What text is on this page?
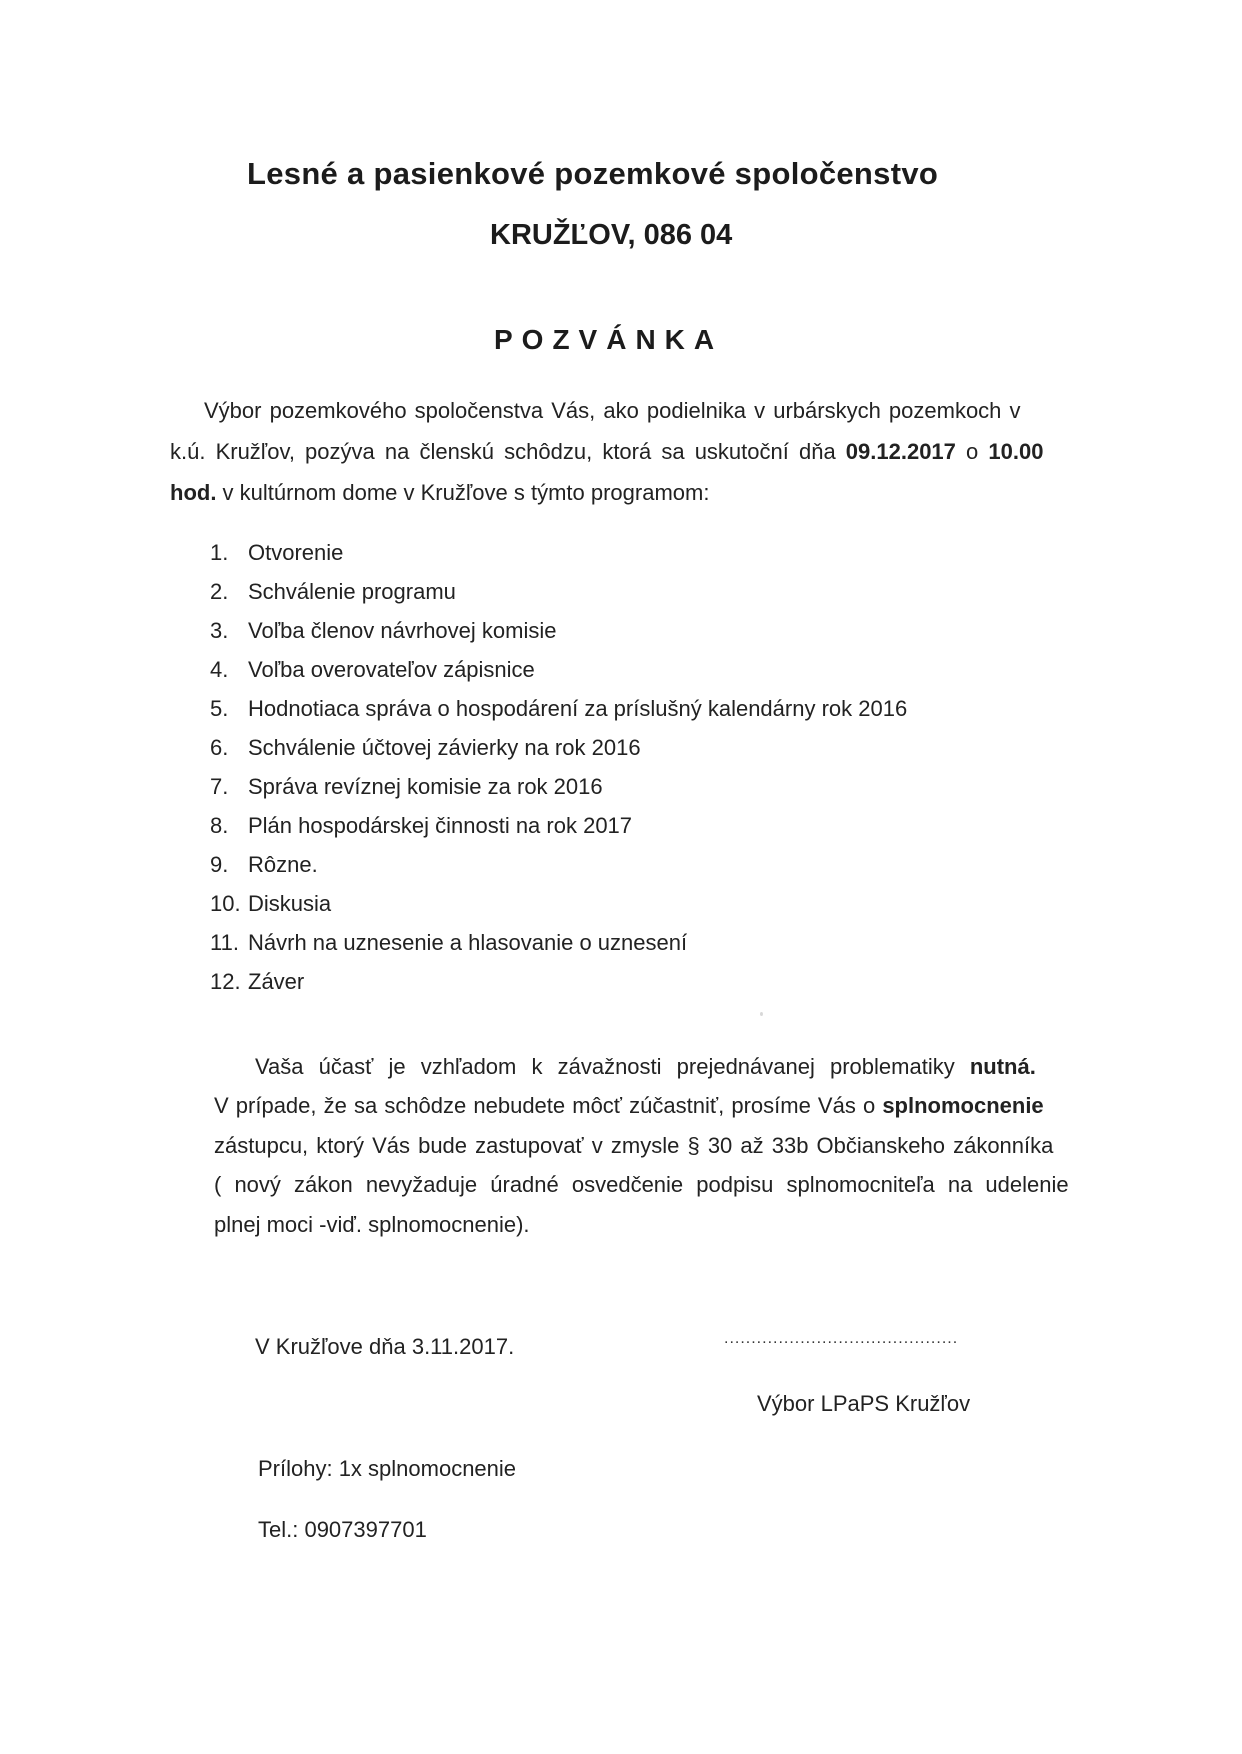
Lesné a pasienkové pozemkové spoločenstvo
KRUŽĽOV, 086 04
POZVÁNKA
Výbor pozemkového spoločenstva Vás, ako podielnika v urbárskych pozemkoch v
k.ú. Kružľov, pozýva na členskú schôdzu, ktorá sa uskutoční dňa 09.12.2017 o 10.00
hod. v kultúrnom dome v Kružľove s týmto programom:
1. Otvorenie
2. Schválenie programu
3. Voľba členov návrhovej komisie
4. Voľba overovateľov zápisnice
5. Hodnotiaca správa o hospodárení za príslušný kalendárny rok 2016
6. Schválenie účtovej závierky na rok 2016
7. Správa revíznej komisie za rok 2016
8. Plán hospodárskej činnosti na rok 2017
9. Rôzne.
10. Diskusia
11. Návrh na uznesenie a hlasovanie o uznesení
12. Záver
Vaša účasť je vzhľadom k závažnosti prejednávanej problematiky nutná.
V prípade, že sa schôdze nebudete môcť zúčastniť, prosíme Vás o splnomocnenie
zástupcu, ktorý Vás bude zastupovať v zmysle § 30 až 33b Občianskeho zákonníka
( nový zákon nevyžaduje úradné osvedčenie podpisu splnomocniteľa na udelenie
plnej moci -viď. splnomocnenie).
V Kružľove dňa 3.11.2017.	...........................................
Výbor LPaPS Kružľov
Prílohy: 1x splnomocnenie
Tel.: 0907397701
